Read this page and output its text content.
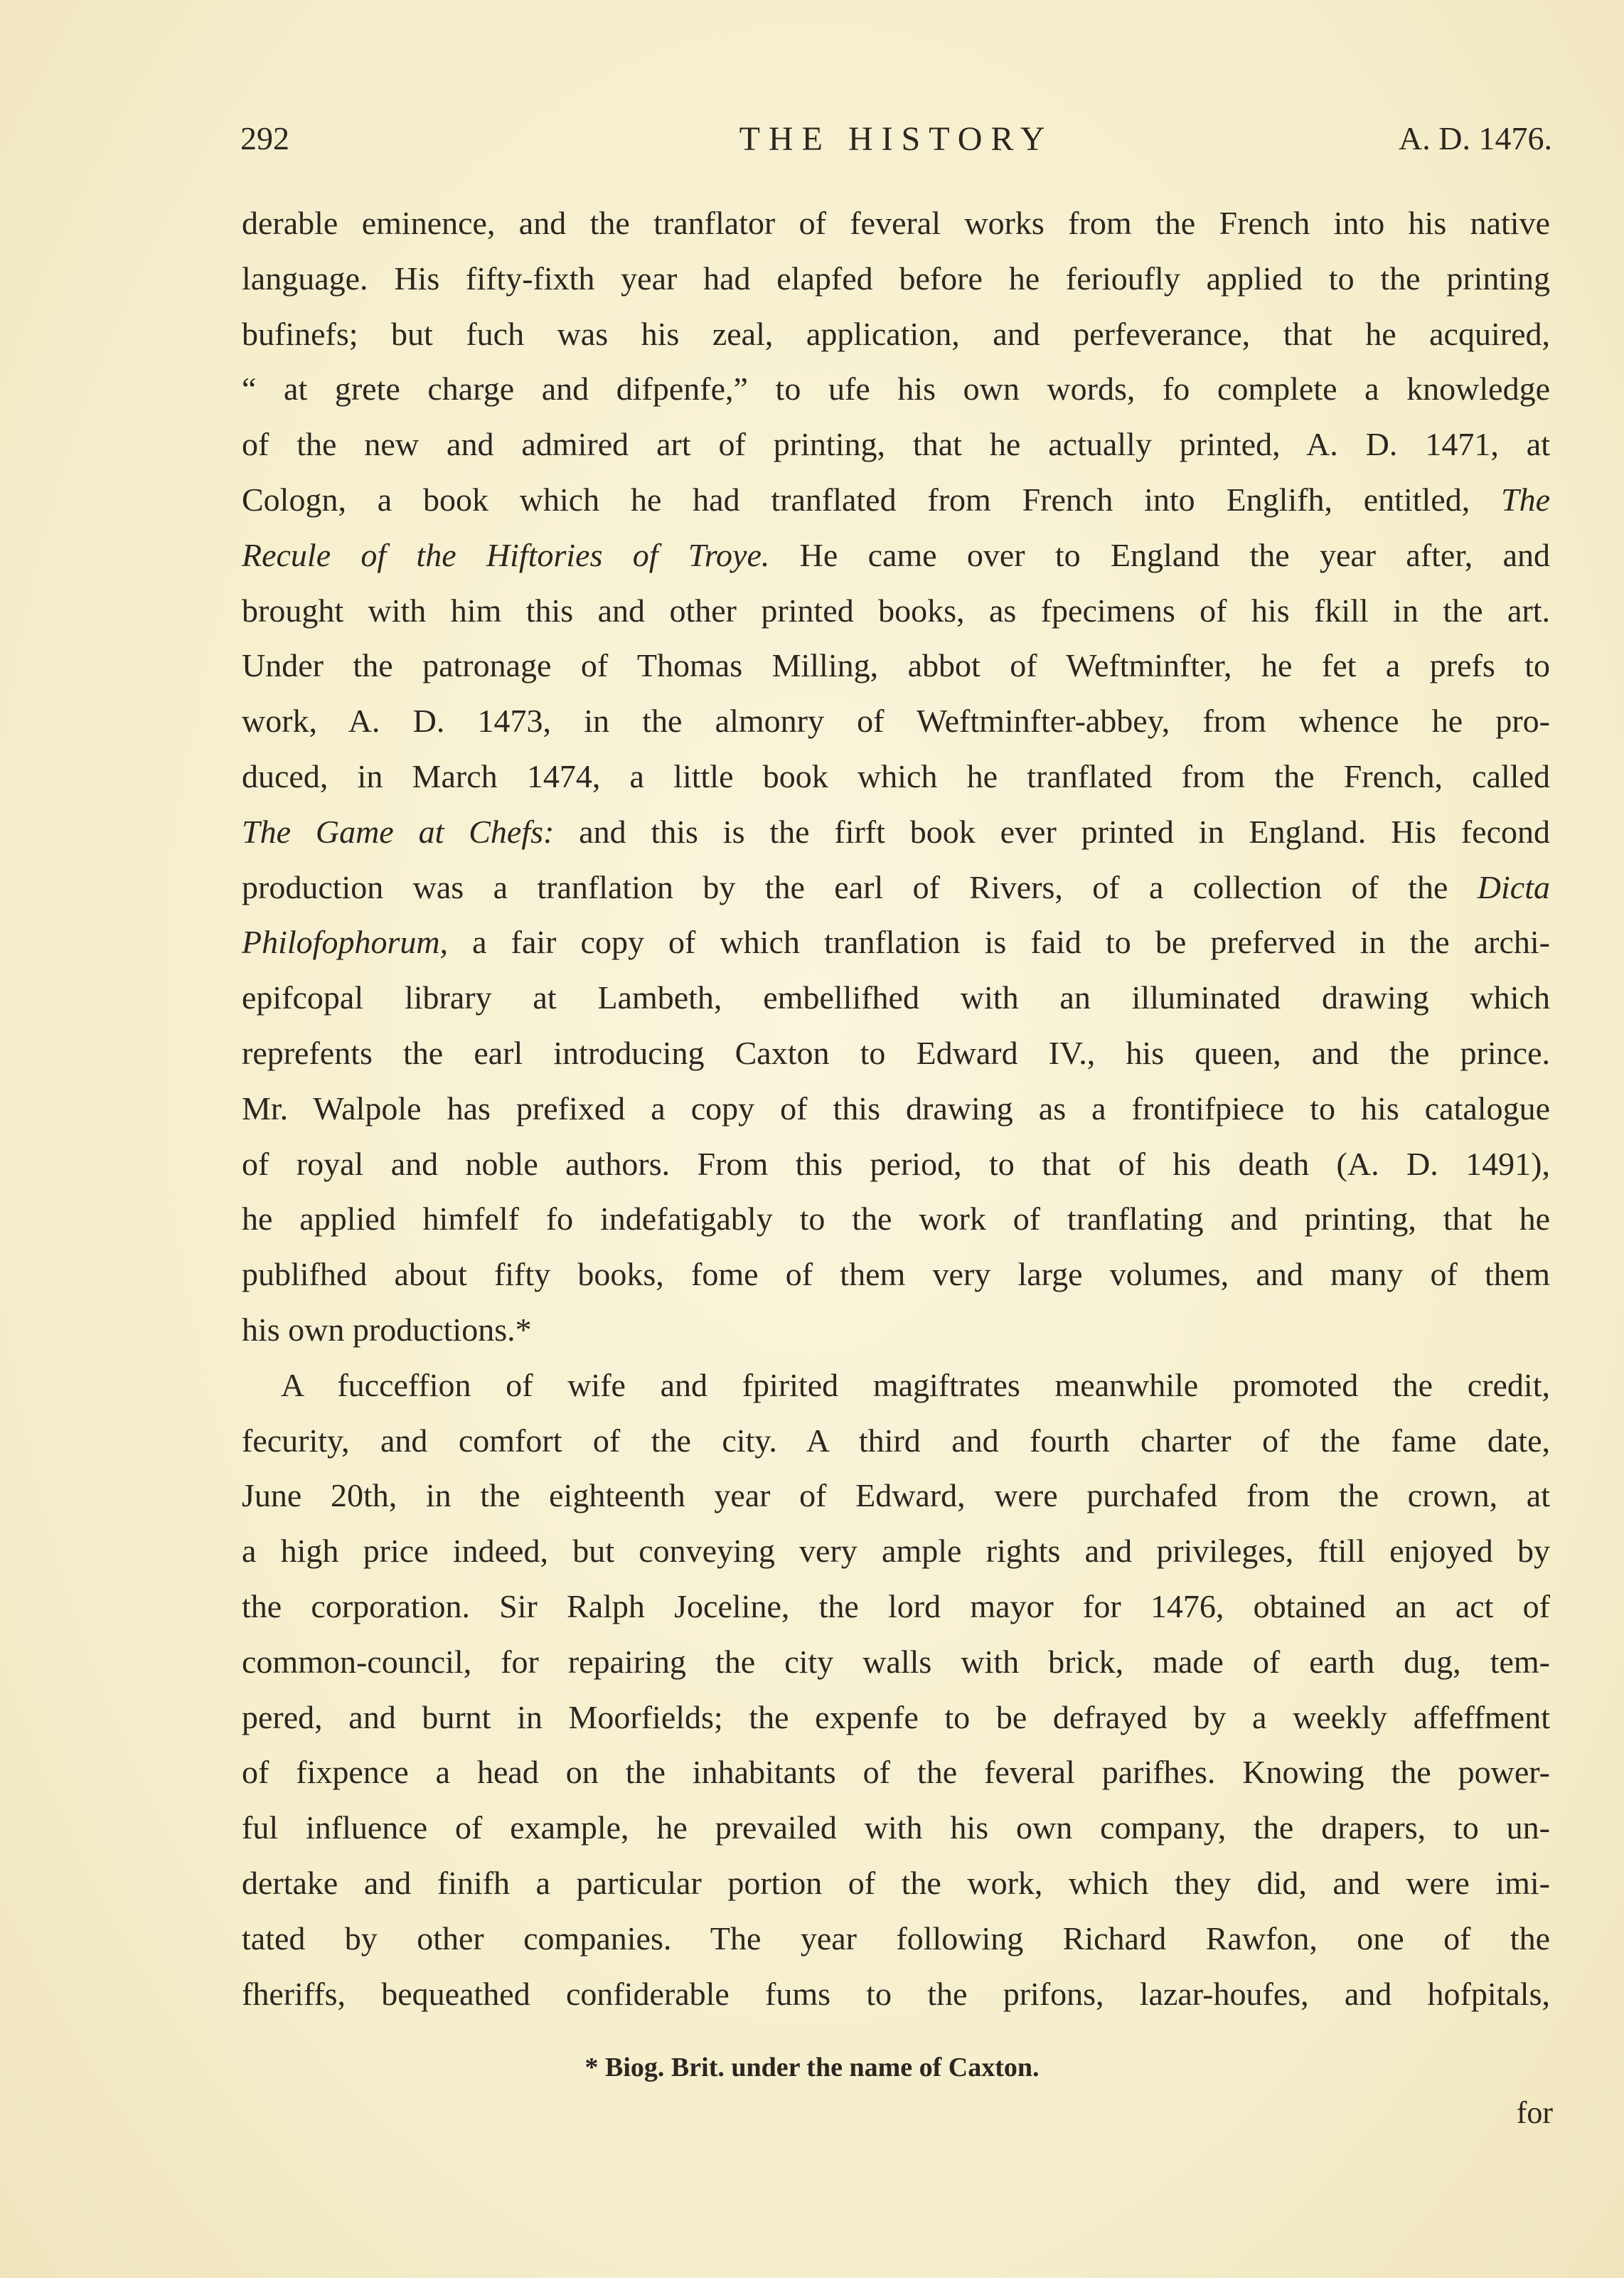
292	THE HISTORY	A. D. 1476.
derable eminence, and the tranflator of feveral works from the French into his native
language. His fifty-fixth year had elapfed before he ferioufly applied to the printing
bufinefs; but fuch was his zeal, application, and perfeverance, that he acquired,
“ at grete charge and difpenfe,” to ufe his own words, fo complete a knowledge
of the new and admired art of printing, that he actually printed, A. D. 1471, at
Cologn, a book which he had tranflated from French into Englifh, entitled, The
Recule of the Hiftories of Troye. He came over to England the year after, and
brought with him this and other printed books, as fpecimens of his fkill in the art.
Under the patronage of Thomas Milling, abbot of Weftminfter, he fet a prefs to
work, A. D. 1473, in the almonry of Weftminfter-abbey, from whence he pro-
duced, in March 1474, a little book which he tranflated from the French, called
The Game at Chefs: and this is the firft book ever printed in England. His fecond
production was a tranflation by the earl of Rivers, of a collection of the Dicta
Philofophorum, a fair copy of which tranflation is faid to be preferved in the archi-
epifcopal library at Lambeth, embellifhed with an illuminated drawing which
reprefents the earl introducing Caxton to Edward IV., his queen, and the prince.
Mr. Walpole has prefixed a copy of this drawing as a frontifpiece to his catalogue
of royal and noble authors. From this period, to that of his death (A. D. 1491),
he applied himfelf fo indefatigably to the work of tranflating and printing, that he
publifhed about fifty books, fome of them very large volumes, and many of them
his own productions.*
A fucceffion of wife and fpirited magiftrates meanwhile promoted the credit,
fecurity, and comfort of the city. A third and fourth charter of the fame date,
June 20th, in the eighteenth year of Edward, were purchafed from the crown, at
a high price indeed, but conveying very ample rights and privileges, ftill enjoyed by
the corporation. Sir Ralph Joceline, the lord mayor for 1476, obtained an act of
common-council, for repairing the city walls with brick, made of earth dug, tem-
pered, and burnt in Moorfields; the expenfe to be defrayed by a weekly affeffment
of fixpence a head on the inhabitants of the feveral parifhes. Knowing the power-
ful influence of example, he prevailed with his own company, the drapers, to un-
dertake and finifh a particular portion of the work, which they did, and were imi-
tated by other companies. The year following Richard Rawfon, one of the
fheriffs, bequeathed confiderable fums to the prifons, lazar-houfes, and hofpitals,
* Biog. Brit. under the name of Caxton.
for
